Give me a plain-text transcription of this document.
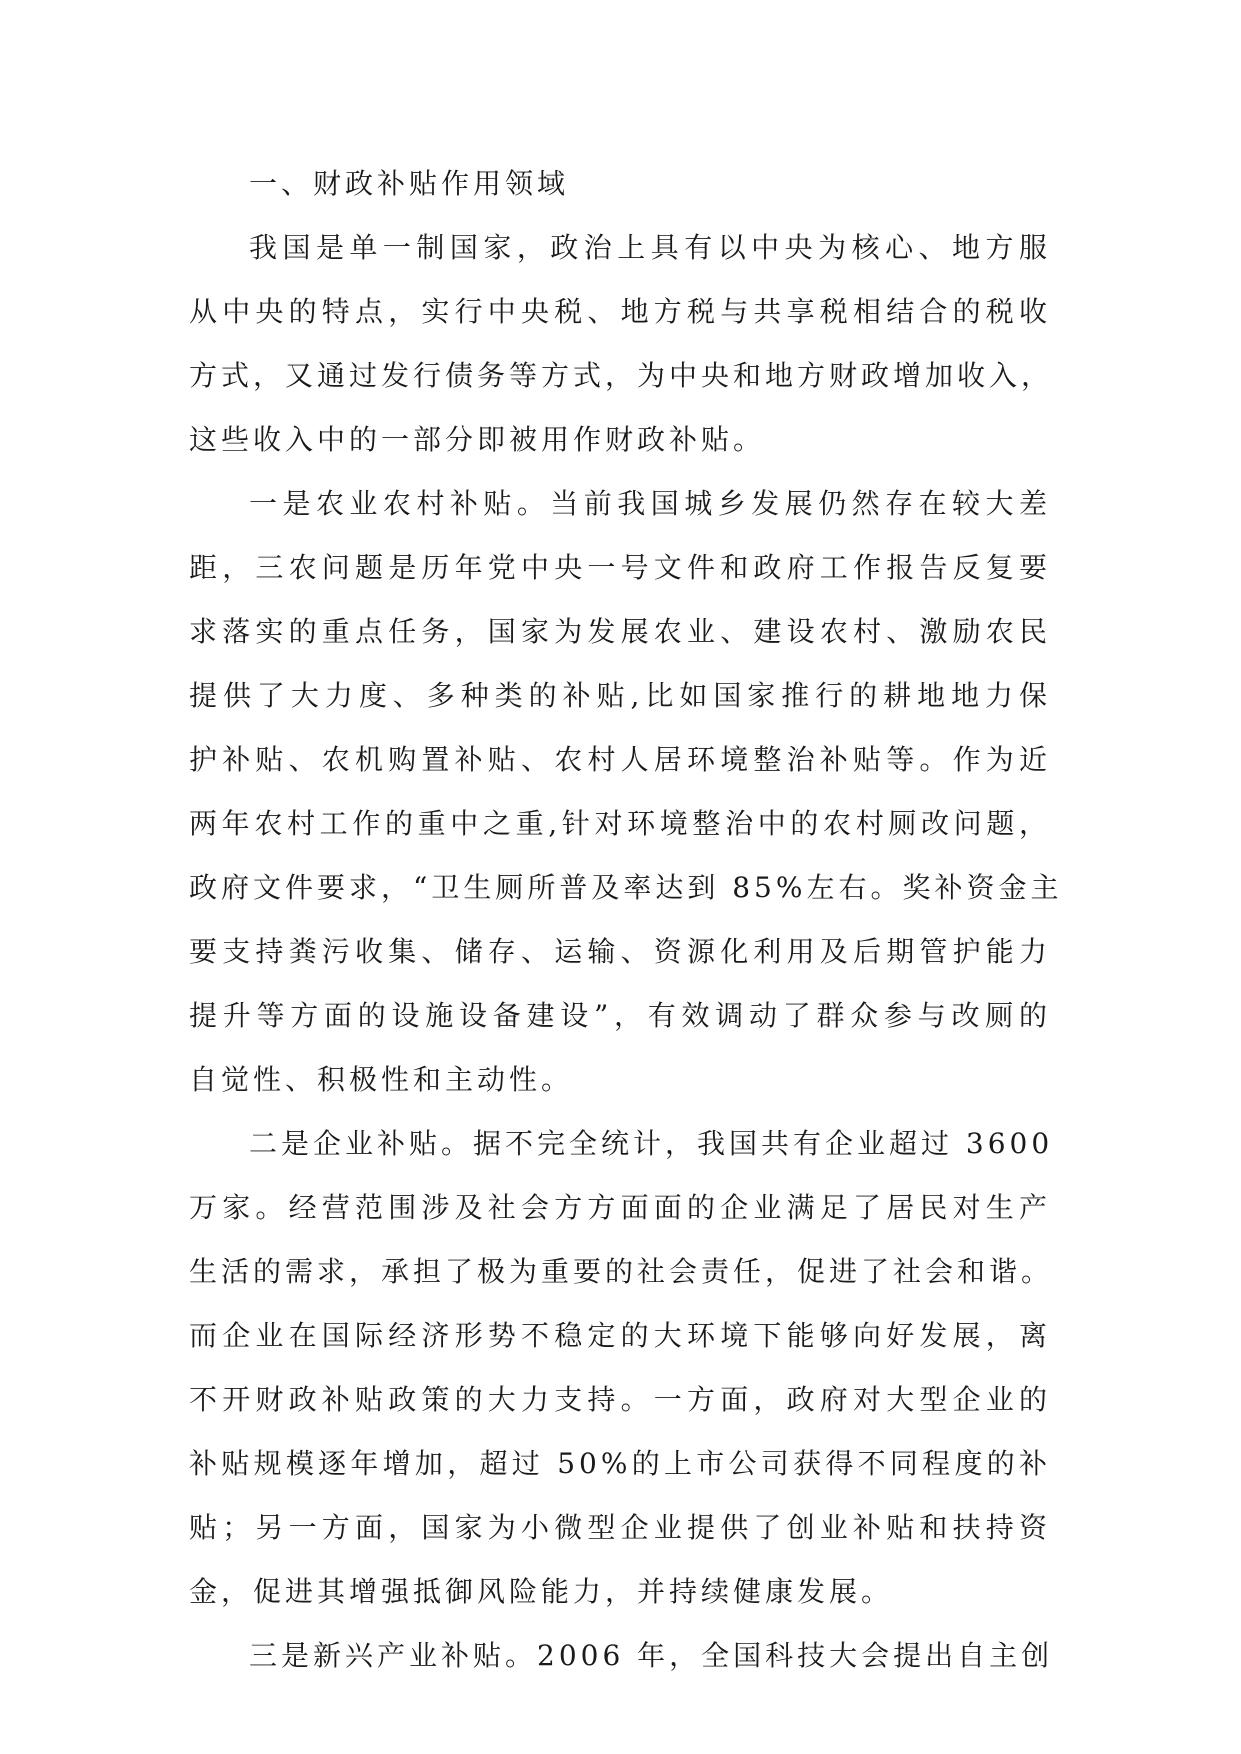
一、财政补贴作用领域
我国是单一制国家，政治上具有以中央为核心、地方服
从中央的特点，实行中央税、地方税与共享税相结合的税收
方式，又通过发行债务等方式，为中央和地方财政增加收入，
这些收入中的一部分即被用作财政补贴。
一是农业农村补贴。当前我国城乡发展仍然存在较大差
距，三农问题是历年党中央一号文件和政府工作报告反复要
求落实的重点任务，国家为发展农业、建设农村、激励农民
提供了大力度、多种类的补贴,比如国家推行的耕地地力保
护补贴、农机购置补贴、农村人居环境整治补贴等。作为近
两年农村工作的重中之重,针对环境整治中的农村厕改问题，
政府文件要求，“卫生厕所普及率达到 85%左右。奖补资金主
要支持粪污收集、储存、运输、资源化利用及后期管护能力
提升等方面的设施设备建设”，有效调动了群众参与改厕的
自觉性、积极性和主动性。
二是企业补贴。据不完全统计，我国共有企业超过 3600
万家。经营范围涉及社会方方面面的企业满足了居民对生产
生活的需求，承担了极为重要的社会责任，促进了社会和谐。
而企业在国际经济形势不稳定的大环境下能够向好发展，离
不开财政补贴政策的大力支持。一方面，政府对大型企业的
补贴规模逐年增加，超过 50%的上市公司获得不同程度的补
贴；另一方面，国家为小微型企业提供了创业补贴和扶持资
金，促进其增强抵御风险能力，并持续健康发展。
三是新兴产业补贴。2006 年，全国科技大会提出自主创
